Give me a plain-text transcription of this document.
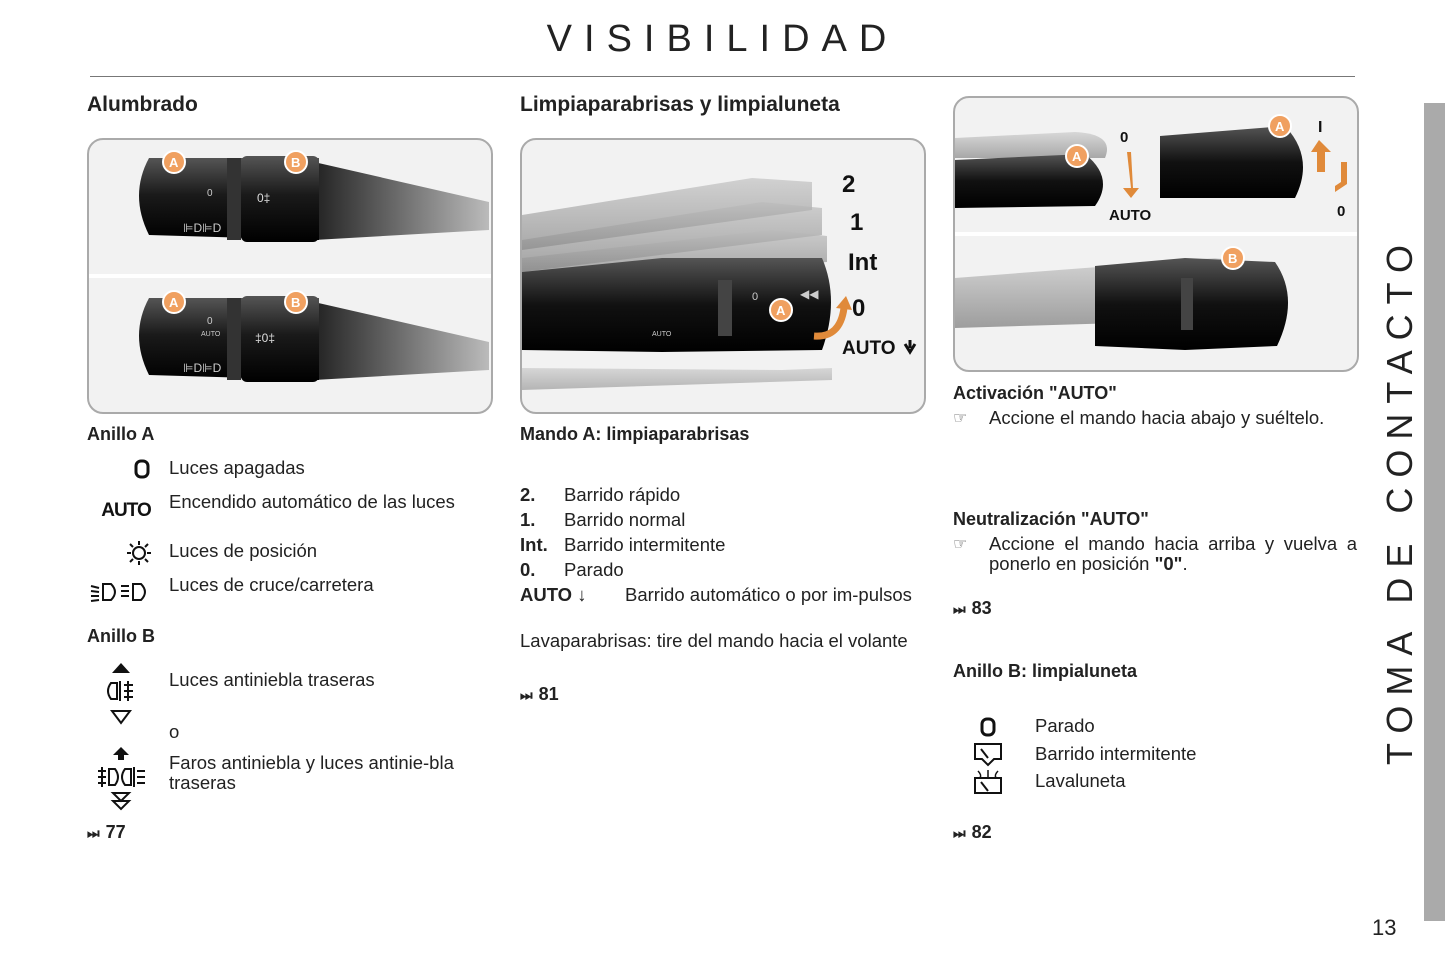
VISIBILIDAD
Alumbrado
0
⊫D⊫D
0‡
A	B
0
AUTO
⊫D⊫D
‡0‡
A	B
Anillo A
Luces apagadas
AUTO Encendido automático de las luces
Luces de posición
Luces de cruce/carretera
Anillo B
Luces antiniebla traseras
o
Faros antiniebla y luces antinie-bla traseras
⏭ 77
Limpiaparabrisas y limpialuneta
0	◀◀
AUTO
A
2
1
Int
0
AUTO
Mando A: limpiaparabrisas
2. Barrido rápido
1. Barrido normal
Int. Barrido intermitente
0. Parado
AUTO ↓ Barrido automático o por im-pulsos
Lavaparabrisas: tire del mando hacia el volante
⏭ 81
A
0
AUTO
A I
0
B
Activación "AUTO"
☞ Accione el mando hacia abajo y suéltelo.
Neutralización "AUTO"
☞ Accione el mando hacia arriba y vuelva a ponerlo en posición "0".
⏭ 83
Anillo B: limpialuneta
Parado
Barrido intermitente
Lavaluneta
⏭ 82
TOMA DE CONTACTO
13
